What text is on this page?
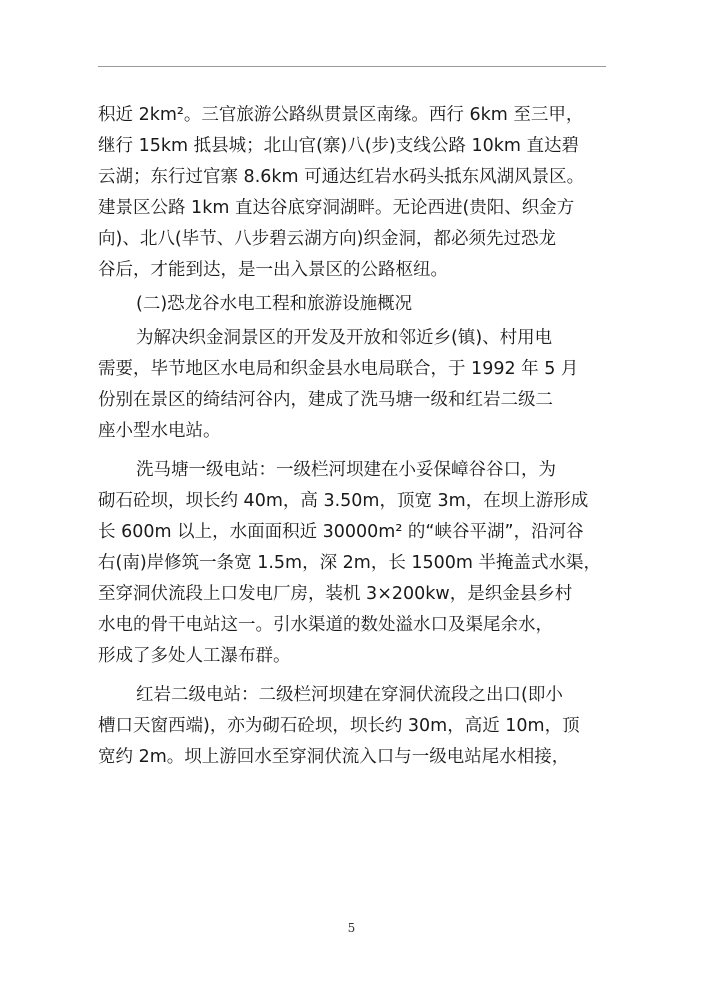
积近 2km²。三官旅游公路纵贯景区南缘。西行 6km 至三甲，
继行 15km 抵县城；北山官(寨)八(步)支线公路 10km 直达碧
云湖；东行过官寨 8.6km 可通达红岩水码头抵东风湖风景区。
建景区公路 1km 直达谷底穿洞湖畔。无论西进(贵阳、织金方
向)、北八(毕节、八步碧云湖方向)织金洞，都必须先过恐龙
谷后，才能到达，是一出入景区的公路枢纽。
(二)恐龙谷水电工程和旅游设施概况
为解决织金洞景区的开发及开放和邻近乡(镇)、村用电
需要，毕节地区水电局和织金县水电局联合，于 1992 年 5 月
份别在景区的绮结河谷内，建成了洗马塘一级和红岩二级二
座小型水电站。
洗马塘一级电站：一级栏河坝建在小妥保嶂谷谷口，为
砌石砼坝，坝长约 40m，高 3.50m，顶宽 3m，在坝上游形成
长 600m 以上，水面面积近 30000m² 的“峡谷平湖”，沿河谷
右(南)岸修筑一条宽 1.5m，深 2m，长 1500m 半掩盖式水渠，
至穿洞伏流段上口发电厂房，装机 3×200kw，是织金县乡村
水电的骨干电站这一。引水渠道的数处溢水口及渠尾余水，
形成了多处人工瀑布群。
红岩二级电站：二级栏河坝建在穿洞伏流段之出口(即小
槽口天窗西端)，亦为砌石砼坝，坝长约 30m，高近 10m，顶
宽约 2m。坝上游回水至穿洞伏流入口与一级电站尾水相接，
5
